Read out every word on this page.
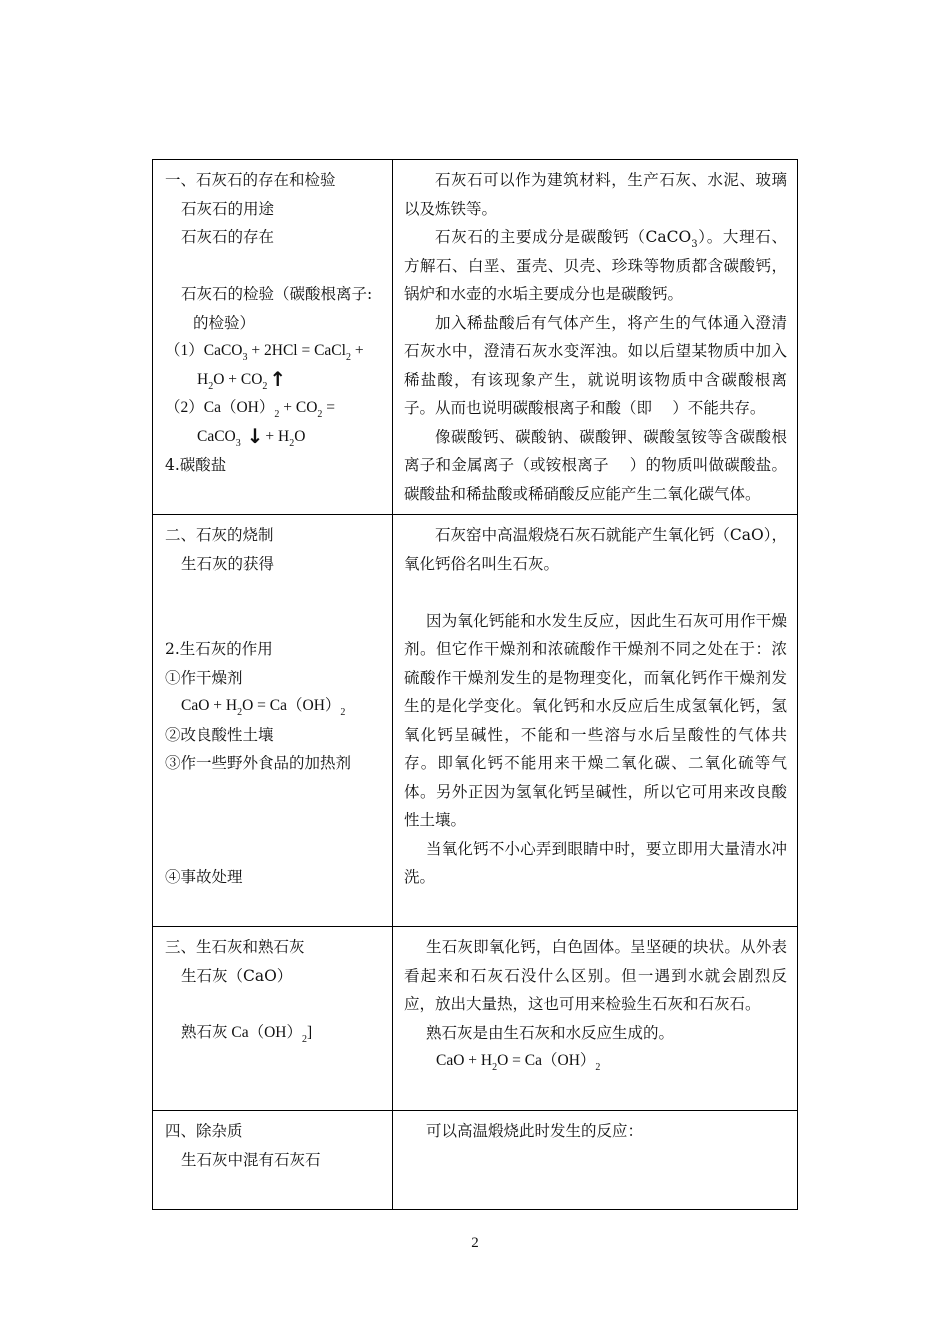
一、石灰石的存在和检验
石灰石的用途
石灰石的存在
石灰石的检验（碳酸根离子:
的检验）
（1）CaCO$_3$ + 2HCl = CaCl$_2$ +
$H_2O + CO_2$ ↑
$(2)Ca(OH)_2 + CO_2$ =
CaCO$_3$ ↓ + $H_2O$
4.碳酸盐

石灰石可以作为建筑材料，生产石灰、水泥、玻璃以及炼铁等。

石灰石的主要成分是碳酸钙（CaCO$_3$）。大理石、方解石、白垩、蛋壳、贝壳、珍珠等物质都含碳酸钙，锅炉和水壶的水垢主要成分也是碳酸钙。

加入稀盐酸后有气体产生，将产生的气体通入澄清石灰水中，澄清石灰水变浑浊。如以后望某物质中加入稀盐酸，有该现象产生，就说明该物质中含碳酸根离子。从而也说明碳酸根离子和酸（即　 ）不能共存。

像碳酸钙、碳酸钠、碳酸钾、碳酸氢铵等含碳酸根离子和金属离子（或铵根离子　 ）的物质叫做碳酸盐。碳酸盐和稀盐酸或稀硝酸反应能产生二氧化碳气体。

二、石灰的烧制
生石灰的获得
2.生石灰的作用
①作干燥剂
CaO + $H_2O = Ca(OH)_2$
②改良酸性土壤
③作一些野外食品的加热剂
④事故处理

石灰窑中高温煅烧石灰石就能产生氧化钙（CaO），氧化钙俗名叫生石灰。

因为氧化钙能和水发生反应，因此生石灰可用作干燥剂。但它作干燥剂和浓硫酸作干燥剂不同之处在于：浓硫酸作干燥剂发生的是物理变化，而氧化钙作干燥剂发生的是化学变化。氧化钙和水反应后生成氢氧化钙，氢氧化钙呈碱性，不能和一些溶与水后呈酸性的气体共存。即氧化钙不能用来干燥二氧化碳、二氧化硫等气体。另外正因为氢氧化钙呈碱性，所以它可用来改良酸性土壤。

当氧化钙不小心弄到眼睛中时，要立即用大量清水冲洗。

三、生石灰和熟石灰
生石灰（CaO）
熟石灰 $Ca(OH)_2$]

生石灰即氧化钙，白色固体。呈坚硬的块状。从外表看起来和石灰石没什么区别。但一遇到水就会剧烈反应，放出大量热，这也可用来检验生石灰和石灰石。

熟石灰是由生石灰和水反应生成的。

CaO + $H_2O = Ca(OH)_2$
四、除杂质
生石灰中混有石灰石

可以高温煅烧此时发生的反应：

2
